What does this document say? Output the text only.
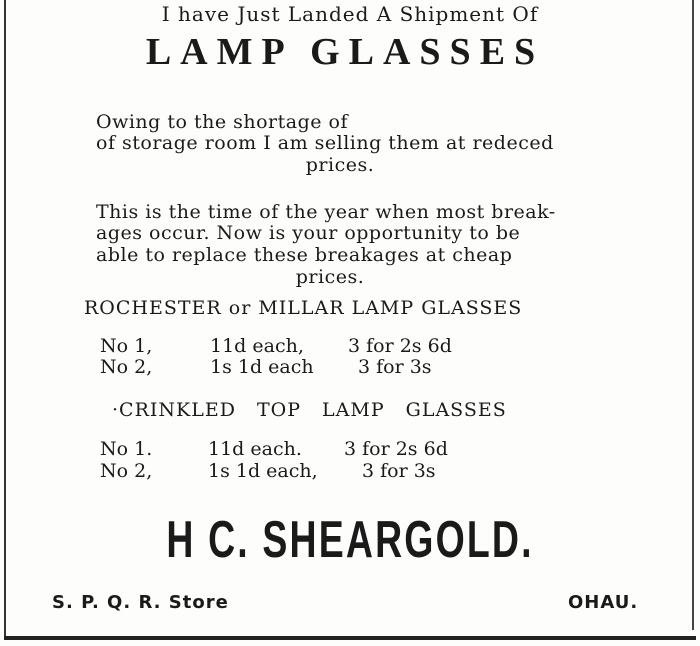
I have Just Landed A Shipment Of
LAMP GLASSES
Owing to the shortage of
of storage room I am selling them at redeced
prices.
This is the time of the year when most break-
ages occur. Now is your opportunity to be
able to replace these breakages at cheap
prices.
ROCHESTER or MILLAR LAMP GLASSES
No 1,	11d each, 3 for 2s 6d
No 2,	1s 1d each 3 for 3s
·CRINKLED TOP LAMP GLASSES
No 1.	11d each. 3 for 2s 6d
No 2,	1s 1d each, 3 for 3s
H C. SHEARGOLD.
S. P. Q. R. Store	OHAU.
